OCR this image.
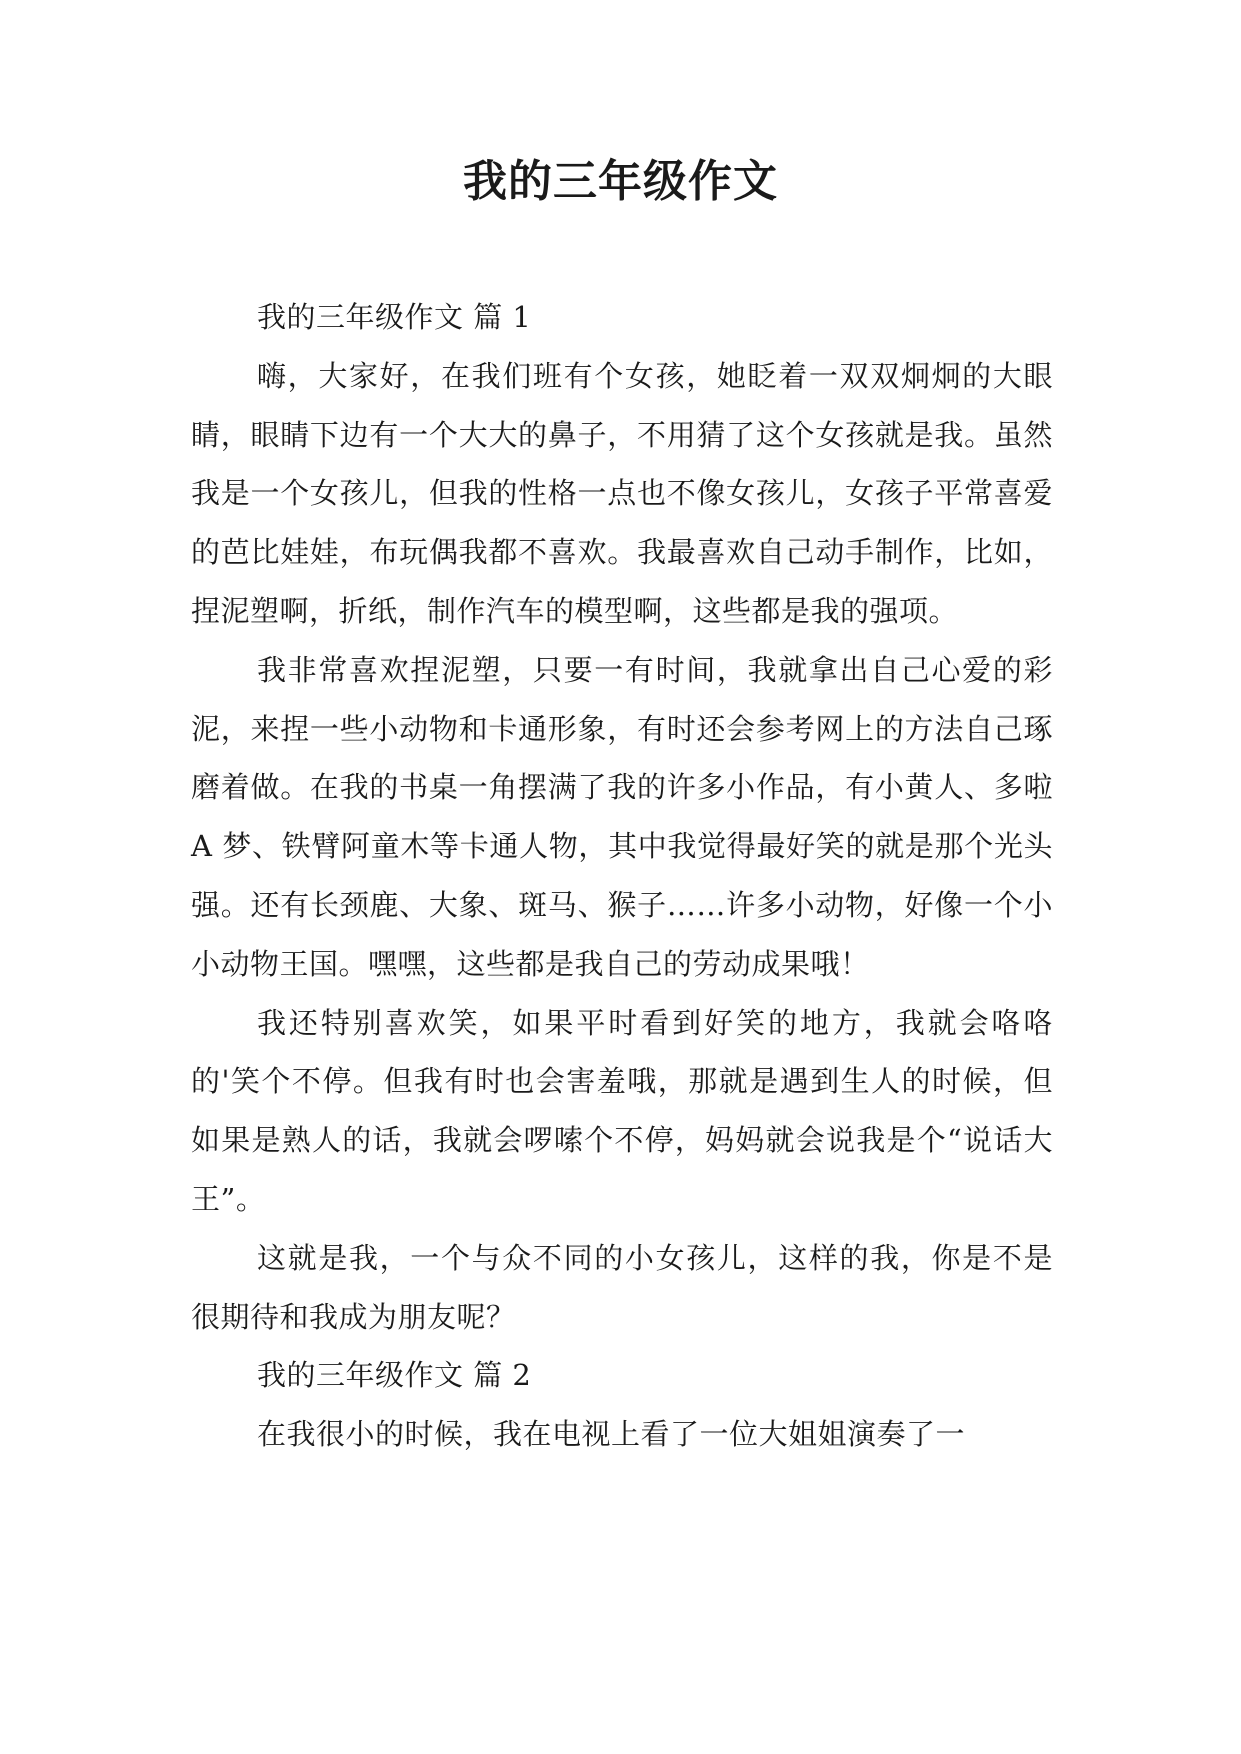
我的三年级作文

我的三年级作文 篇 1

嗨，大家好，在我们班有个女孩，她眨着一双双炯炯的大眼睛，眼睛下边有一个大大的鼻子，不用猜了这个女孩就是我。虽然我是一个女孩儿，但我的性格一点也不像女孩儿，女孩子平常喜爱的芭比娃娃，布玩偶我都不喜欢。我最喜欢自己动手制作，比如，捏泥塑啊，折纸，制作汽车的模型啊，这些都是我的强项。

我非常喜欢捏泥塑，只要一有时间，我就拿出自己心爱的彩泥，来捏一些小动物和卡通形象，有时还会参考网上的方法自己琢磨着做。在我的书桌一角摆满了我的许多小作品，有小黄人、多啦 A 梦、铁臂阿童木等卡通人物，其中我觉得最好笑的就是那个光头强。还有长颈鹿、大象、斑马、猴子……许多小动物，好像一个小小动物王国。嘿嘿，这些都是我自己的劳动成果哦！

我还特别喜欢笑，如果平时看到好笑的地方，我就会咯咯的'笑个不停。但我有时也会害羞哦，那就是遇到生人的时候，但如果是熟人的话，我就会啰嗦个不停，妈妈就会说我是个“说话大王”。

这就是我，一个与众不同的小女孩儿，这样的我，你是不是很期待和我成为朋友呢？

我的三年级作文 篇 2

在我很小的时候，我在电视上看了一位大姐姐演奏了一
